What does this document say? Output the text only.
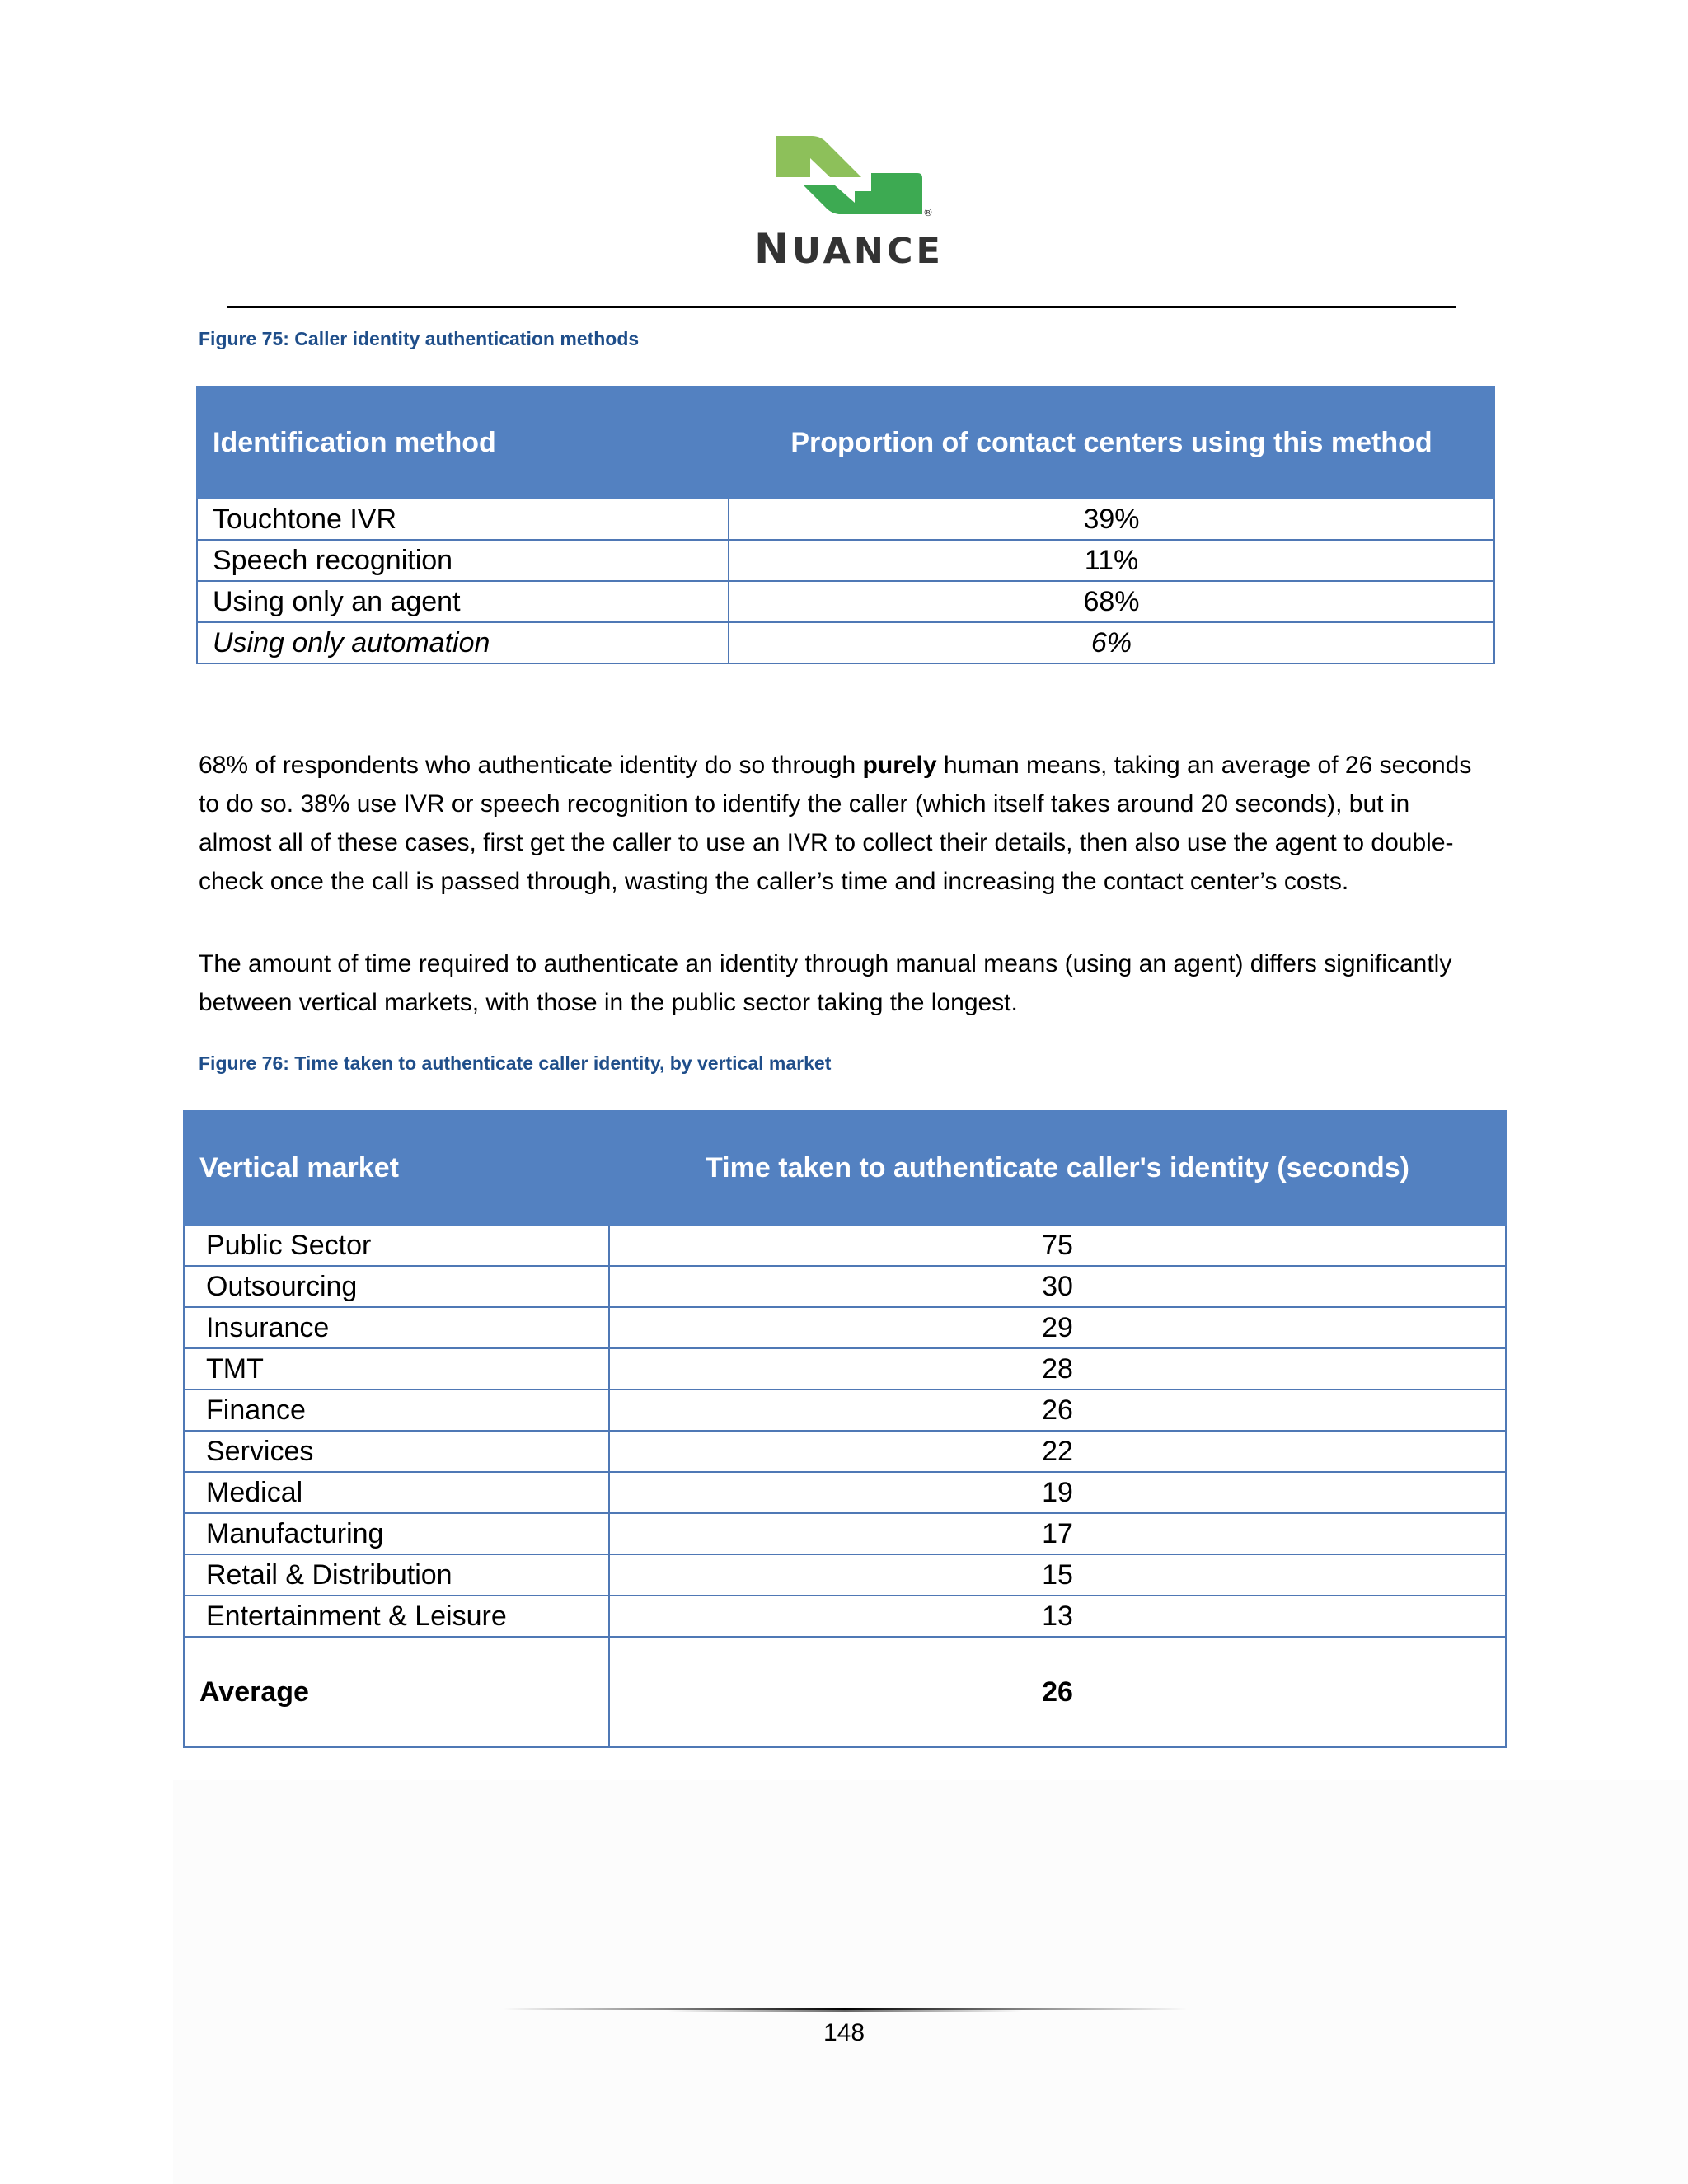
®
NUANCE
Figure 75: Caller identity authentication methods
Identification method	Proportion of contact centers using this method
Touchtone IVR	39%
Speech recognition	11%
Using only an agent	68%
Using only automation	6%

68% of respondents who authenticate identity do so through purely human means, taking an average of 26 seconds to do so. 38% use IVR or speech recognition to identify the caller (which itself takes around 20 seconds), but in almost all of these cases, first get the caller to use an IVR to collect their details, then also use the agent to double-check once the call is passed through, wasting the caller’s time and increasing the contact center’s costs.

The amount of time required to authenticate an identity through manual means (using an agent) differs significantly between vertical markets, with those in the public sector taking the longest.

Figure 76: Time taken to authenticate caller identity, by vertical market
Vertical market	Time taken to authenticate caller's identity (seconds)
Public Sector	75
Outsourcing	30
Insurance	29
TMT	28
Finance	26
Services	22
Medical	19
Manufacturing	17
Retail & Distribution	15
Entertainment & Leisure	13
Average	26
148
